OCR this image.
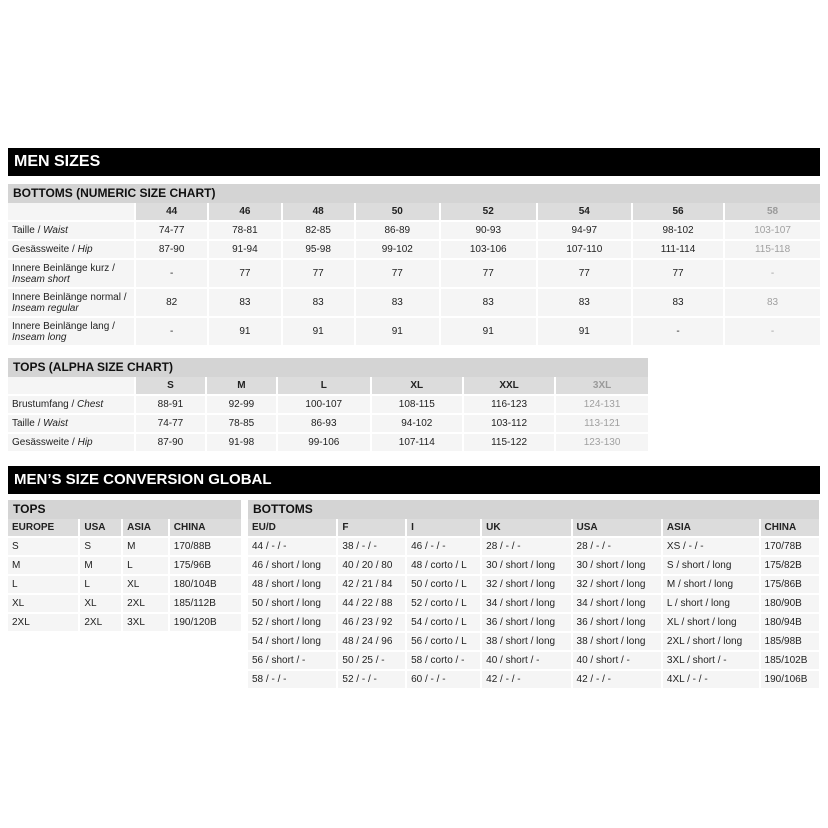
MEN SIZES
BOTTOMS (NUMERIC SIZE CHART)
	44	46	48	50	52	54	56	58
Taille / Waist	74-77	78-81	82-85	86-89	90-93	94-97	98-102	103-107
Gesässweite / Hip	87-90	91-94	95-98	99-102	103-106	107-110	111-114	115-118
Innere Beinlänge kurz /
Inseam short	-	77	77	77	77	77	77	-
Innere Beinlänge normal /
Inseam regular	82	83	83	83	83	83	83	83
Innere Beinlänge lang /
Inseam long	-	91	91	91	91	91	-	-
TOPS (ALPHA SIZE CHART)
	S	M	L	XL	XXL	3XL
Brustumfang / Chest	88-91	92-99	100-107	108-115	116-123	124-131
Taille / Waist	74-77	78-85	86-93	94-102	103-112	113-121
Gesässweite / Hip	87-90	91-98	99-106	107-114	115-122	123-130
MEN’S SIZE CONVERSION GLOBAL
TOPS
EUROPE	USA	ASIA	CHINA
S	S	M	170/88B
M	M	L	175/96B
L	L	XL	180/104B
XL	XL	2XL	185/112B
2XL	2XL	3XL	190/120B
BOTTOMS
EU/D	F	I	UK	USA	ASIA	CHINA
44 / - / -	38 / - / -	46 / - / -	28 / - / -	28 / - / -	XS / - / -	170/78B
46 / short / long	40 / 20 / 80	48 / corto / L	30 / short / long	30 / short / long	S / short / long	175/82B
48 / short / long	42 / 21 / 84	50 / corto / L	32 / short / long	32 / short / long	M / short / long	175/86B
50 / short / long	44 / 22 / 88	52 / corto / L	34 / short / long	34 / short / long	L / short / long	180/90B
52 / short / long	46 / 23 / 92	54 / corto / L	36 / short / long	36 / short / long	XL / short / long	180/94B
54 / short / long	48 / 24 / 96	56 / corto / L	38 / short / long	38 / short / long	2XL / short / long	185/98B
56 / short / -	50 / 25 / -	58 / corto / -	40 / short / -	40 / short / -	3XL / short / -	185/102B
58 / - / -	52 / - / -	60 / - / -	42 / - / -	42 / - / -	4XL / - / -	190/106B
